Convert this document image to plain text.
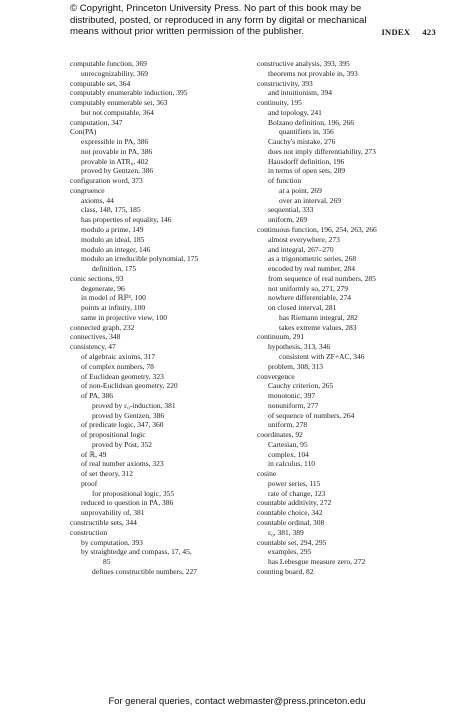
© Copyright, Princeton University Press. No part of this book may be
distributed, posted, or reproduced in any form by digital or mechanical
means without prior written permission of the publisher.	INDEX 423
computable function, 369
unrecognizability, 369
computable set, 364
computably enumerable induction, 395
computably enumerable set, 363
but not computable, 364
computation, 347
Con(PA)
expressible in PA, 386
not provable in PA, 386
provable in ATR₀, 402
proved by Gentzen, 386
configuration word, 373
congruence
axioms, 44
class, 148, 175, 185
has properties of equality, 146
modulo a prime, 149
modulo an ideal, 185
modulo an integer, 146
modulo an irreducible polynomial, 175
definition, 175
conic sections, 93
degenerate, 96
in model of ℝℙ², 100
points at infinity, 100
same in projective view, 100
connected graph, 232
connectives, 348
consistency, 47
of algebraic axioms, 317
of complex numbers, 78
of Euclidean geometry, 323
of non-Euclidean geometry, 220
of PA, 386
proved by ε₀-induction, 381
proved by Gentzen, 386
of predicate logic, 347, 360
of propositional logic
proved by Post, 352
of ℝ, 49
of real number axioms, 323
of set theory, 312
proof
for propositional logic, 355
reduced to question in PA, 386
unprovability of, 381
constructible sets, 344
construction
by computation, 393
by straightedge and compass, 17, 45,
85
defines constructible numbers, 227
constructive analysis, 393, 395
theorems not provable in, 393
constructivity, 393
and intuitionism, 394
continuity, 195
and topology, 241
Bolzano definition, 196, 266
quantifiers in, 356
Cauchy's mistake, 276
does not imply differentiability, 273
Hausdorff definition, 196
in terms of open sets, 289
of function
at a point, 269
over an interval, 269
sequential, 333
uniform, 269
continuous function, 196, 254, 263, 266
almost everywhere, 273
and integral, 267–270
as a trigonometric series, 268
encoded by real number, 284
from sequence of real numbers, 285
not uniformly so, 271, 279
nowhere differentiable, 274
on closed interval, 281
has Riemann integral, 282
takes extreme values, 283
continuum, 291
hypothesis, 313, 346
consistent with ZF+AC, 346
problem, 308, 313
convergence
Cauchy criterion, 265
monotonic, 397
nonuniform, 277
of sequence of numbers, 264
uniform, 278
coordinates, 92
Cartesian, 95
complex, 104
in calculus, 110
cosine
power series, 115
rate of change, 123
countable additivity, 272
countable choice, 342
countable ordinal, 308
ε₀, 381, 389
countable set, 294, 295
examples, 295
has Lebesgue measure zero, 272
counting board, 82
For general queries, contact webmaster@press.princeton.edu
